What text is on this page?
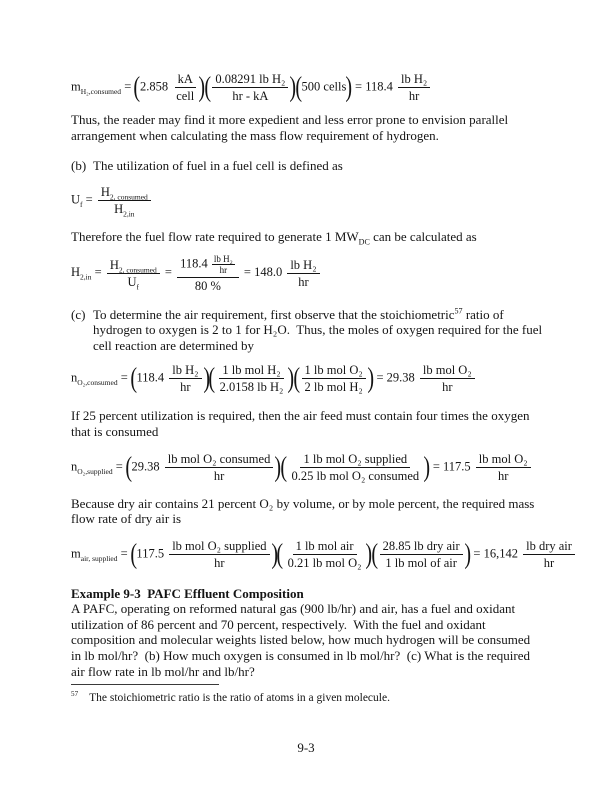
$m_{H_2,consumed} = (2.858 \frac{kA}{\text{cell}}$ )( $\frac{\text{0.08291 lb H₂}}{hr - kA} )(500$ cells) = $118.4 \frac{\text{lb H₂}}{hr}$

Thus, the reader may find it more expedient and less error prone to envision parallel arrangement when calculating the mass flow requirement of hydrogen.

(b) The utilization of fuel in a fuel cell is defined as
$U_f = \frac{H_{2, consumed}}{H_{2,in}}$

Therefore the fuel flow rate required to generate 1 $MW_{DC}$ can be calculated as

$H_{2,in} = \frac{H_{2, consumed}}{U_f} = \frac{118.4 \frac{\text{lb H₂}}{hr}}{80 \%} = 148.0 \frac{\text{lb H₂}}{hr}$
(c) To determine the air requirement, first observe that the stoichiometric$^{57}$ ratio of hydrogen to oxygen is 2 to 1 for H₂O.  Thus, the moles of oxygen required for the fuel cell reaction are determined by
$n_{O_2,consumed} = (118.4 \frac{\text{lb H₂}}{hr}$ )( $\frac{\text{1 lb mol H₂}}{\text{2.0158 lb H₂}}$ )( $\frac{\text{1 lb mol O₂}}{\text{2 lb mol H₂}}$ ) = $29.38 \frac{\text{lb mol O₂}}{hr}$

If 25 percent utilization is required, then the air feed must contain four times the oxygen that is consumed

$n_{O_2,supplied} = (29.38 \frac{\text{lb mol O₂ consumed}}{hr}$ )( $\frac{\text{1 lb mol O₂ supplied}}{\text{0.25 lb mol O₂ consumed}}$ ) = $117.5 \frac{\text{lb mol O₂}}{hr}$

Because dry air contains 21 percent O₂ by volume, or by mole percent, the required mass flow rate of dry air is

$m_{air, supplied} = (117.5 \frac{\text{lb mol O₂ supplied}}{hr}$ )( $\frac{\text{1 lb mol air}}{\text{0.21 lb mol O₂}}$ )( $\frac{\text{28.85 lb dry air}}{\text{1 lb mol of air}}$ ) = $16,142 \frac{\text{lb dry air}}{hr}$

Example 9-3  PAFC Effluent Composition

A PAFC, operating on reformed natural gas (900 lb/hr) and air, has a fuel and oxidant utilization of 86 percent and 70 percent, respectively.  With the fuel and oxidant composition and molecular weights listed below, how much hydrogen will be consumed in lb mol/hr?  (b) How much oxygen is consumed in lb mol/hr?  (c) What is the required air flow rate in lb mol/hr and lb/hr?

$^{57}$ The stoichiometric ratio is the ratio of atoms in a given molecule.

9-3
